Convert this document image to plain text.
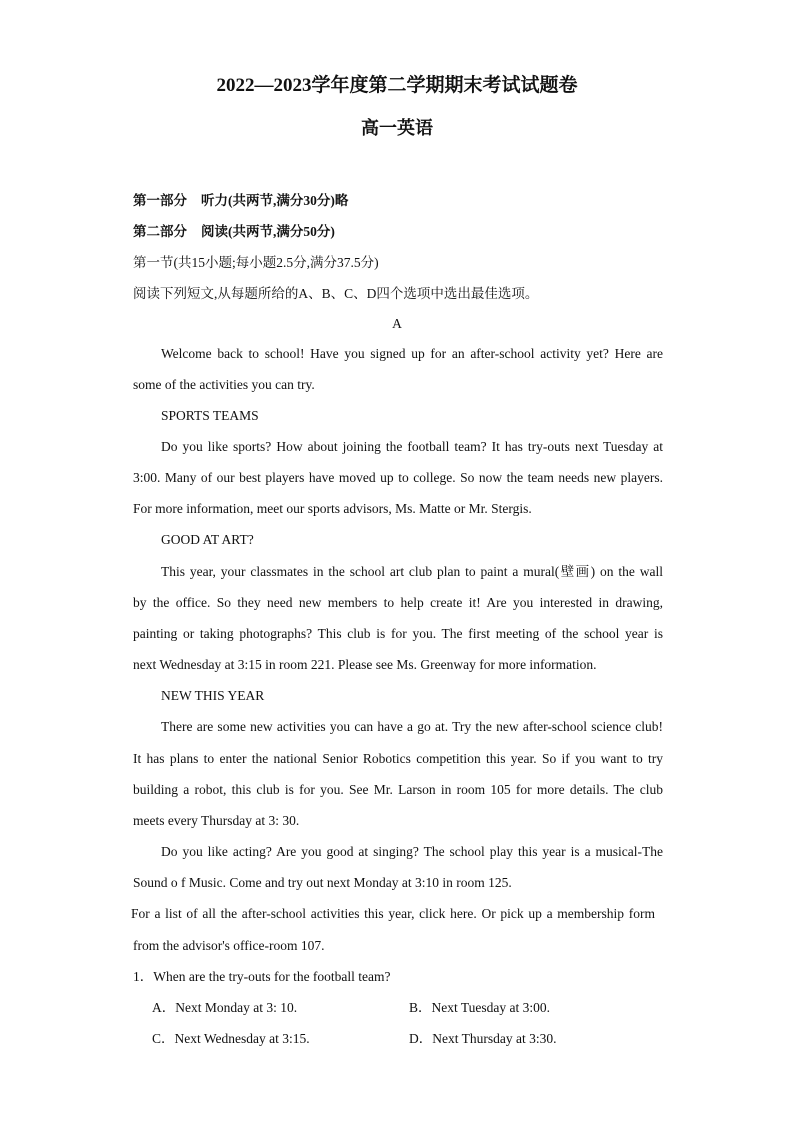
2022—2023学年度第二学期期末考试试题卷
高一英语
第一部分 听力(共两节,满分30分)略
第二部分 阅读(共两节,满分50分)
第一节(共15小题;每小题2.5分,满分37.5分)
阅读下列短文,从每题所给的A、B、C、D四个选项中选出最佳选项。
A
Welcome back to school! Have you signed up for an after-school activity yet? Here are
some of the activities you can try.
SPORTS TEAMS
Do you like sports? How about joining the football team? It has try-outs next Tuesday at
3:00. Many of our best players have moved up to college. So now the team needs new players.
For more information, meet our sports advisors, Ms. Matte or Mr. Stergis.
GOOD AT ART?
This year, your classmates in the school art club plan to paint a mural(壁画) on the wall
by the office. So they need new members to help create it! Are you interested in drawing,
painting or taking photographs? This club is for you. The first meeting of the school year is
next Wednesday at 3:15 in room 221. Please see Ms. Greenway for more information.
NEW THIS YEAR
There are some new activities you can have a go at. Try the new after-school science club!
It has plans to enter the national Senior Robotics competition this year. So if you want to try
building a robot, this club is for you. See Mr. Larson in room 105 for more details. The club
meets every Thursday at 3: 30.
Do you like acting? Are you good at singing? The school play this year is a musical-The
Sound o f Music. Come and try out next Monday at 3:10 in room 125.
For a list of all the after-school activities this year, click here. Or pick up a membership form
from the advisor's office-room 107.
1．When are the try-outs for the football team?
A．Next Monday at 3: 10.	B．Next Tuesday at 3:00.
C．Next Wednesday at 3:15.	D．Next Thursday at 3:30.
